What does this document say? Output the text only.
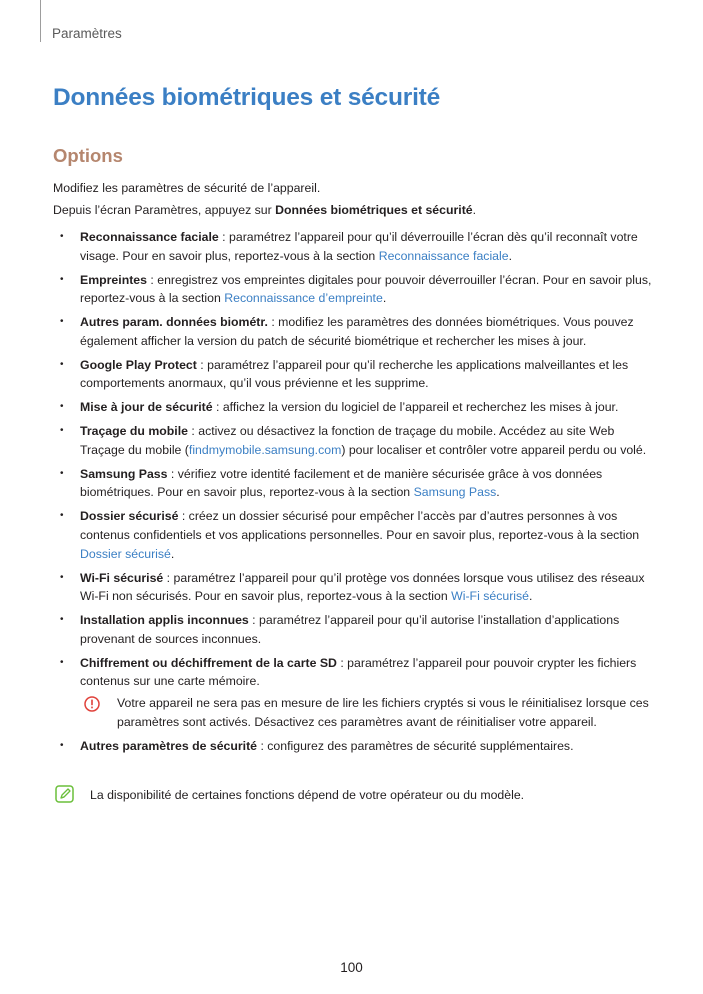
Paramètres
Données biométriques et sécurité
Options

Modifiez les paramètres de sécurité de l’appareil.

Depuis l’écran Paramètres, appuyez sur Données biométriques et sécurité.

• Reconnaissance faciale : paramétrez l’appareil pour qu’il déverrouille l’écran dès qu’il reconnaît votre visage. Pour en savoir plus, reportez-vous à la section Reconnaissance faciale.
• Empreintes : enregistrez vos empreintes digitales pour pouvoir déverrouiller l’écran. Pour en savoir plus, reportez-vous à la section Reconnaissance d’empreinte.
• Autres param. données biométr. : modifiez les paramètres des données biométriques. Vous pouvez également afficher la version du patch de sécurité biométrique et rechercher les mises à jour.
• Google Play Protect : paramétrez l’appareil pour qu’il recherche les applications malveillantes et les comportements anormaux, qu’il vous prévienne et les supprime.
• Mise à jour de sécurité : affichez la version du logiciel de l’appareil et recherchez les mises à jour.
• Traçage du mobile : activez ou désactivez la fonction de traçage du mobile. Accédez au site Web Traçage du mobile (findmymobile.samsung.com) pour localiser et contrôler votre appareil perdu ou volé.
• Samsung Pass : vérifiez votre identité facilement et de manière sécurisée grâce à vos données biométriques. Pour en savoir plus, reportez-vous à la section Samsung Pass.
• Dossier sécurisé : créez un dossier sécurisé pour empêcher l’accès par d’autres personnes à vos contenus confidentiels et vos applications personnelles. Pour en savoir plus, reportez-vous à la section Dossier sécurisé.
• Wi-Fi sécurisé : paramétrez l’appareil pour qu’il protège vos données lorsque vous utilisez des réseaux Wi-Fi non sécurisés. Pour en savoir plus, reportez-vous à la section Wi-Fi sécurisé.
• Installation applis inconnues : paramétrez l’appareil pour qu’il autorise l’installation d’applications provenant de sources inconnues.
• Chiffrement ou déchiffrement de la carte SD : paramétrez l’appareil pour pouvoir crypter les fichiers contenus sur une carte mémoire.
Votre appareil ne sera pas en mesure de lire les fichiers cryptés si vous le réinitialisez lorsque ces paramètres sont activés. Désactivez ces paramètres avant de réinitialiser votre appareil.
• Autres paramètres de sécurité : configurez des paramètres de sécurité supplémentaires.
La disponibilité de certaines fonctions dépend de votre opérateur ou du modèle.
100
